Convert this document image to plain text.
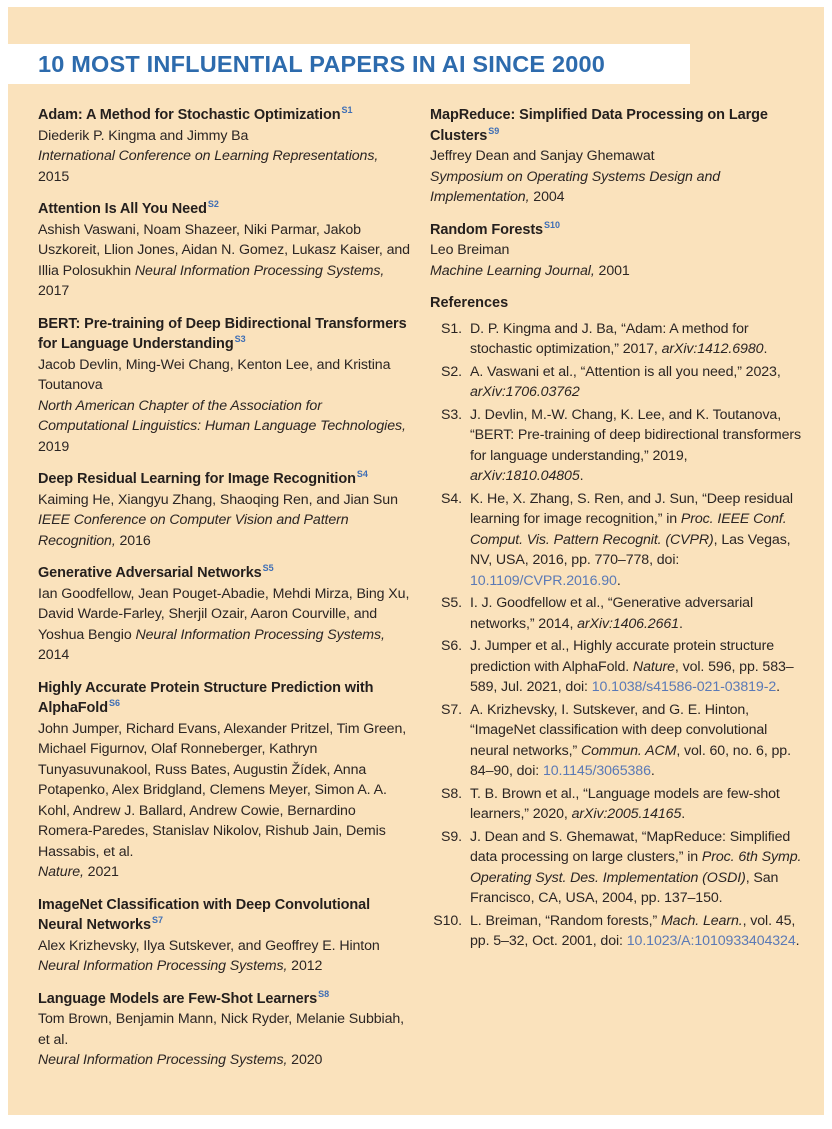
10 MOST INFLUENTIAL PAPERS IN AI SINCE 2000
Adam: A Method for Stochastic Optimization$^{S1}$

Diederik P. Kingma and Jimmy Ba

International Conference on Learning Representations, 2015

Attention Is All You Need$^{S2}$

Ashish Vaswani, Noam Shazeer, Niki Parmar, Jakob Uszkoreit, Llion Jones, Aidan N. Gomez, Lukasz Kaiser, and Illia Polosukhin Neural Information Processing Systems, 2017

BERT: Pre-training of Deep Bidirectional Transformers for Language Understanding$^{S3}$

Jacob Devlin, Ming-Wei Chang, Kenton Lee, and Kristina Toutanova

North American Chapter of the Association for Computational Linguistics: Human Language Technologies, 2019

Deep Residual Learning for Image Recognition$^{S4}$

Kaiming He, Xiangyu Zhang, Shaoqing Ren, and Jian Sun

IEEE Conference on Computer Vision and Pattern Recognition, 2016

Generative Adversarial Networks$^{S5}$

Ian Goodfellow, Jean Pouget-Abadie, Mehdi Mirza, Bing Xu, David Warde-Farley, Sherjil Ozair, Aaron Courville, and Yoshua Bengio Neural Information Processing Systems, 2014

Highly Accurate Protein Structure Prediction with AlphaFold$^{S6}$

John Jumper, Richard Evans, Alexander Pritzel, Tim Green, Michael Figurnov, Olaf Ronneberger, Kathryn Tunyasuvunakool, Russ Bates, Augustin Žídek, Anna Potapenko, Alex Bridgland, Clemens Meyer, Simon A. A. Kohl, Andrew J. Ballard, Andrew Cowie, Bernardino Romera-Paredes, Stanislav Nikolov, Rishub Jain, Demis Hassabis, et al.

Nature, 2021

ImageNet Classification with Deep Convolutional Neural Networks$^{S7}$

Alex Krizhevsky, Ilya Sutskever, and Geoffrey E. Hinton

Neural Information Processing Systems, 2012

Language Models are Few-Shot Learners$^{S8}$

Tom Brown, Benjamin Mann, Nick Ryder, Melanie Subbiah, et al.

Neural Information Processing Systems, 2020

MapReduce: Simplified Data Processing on Large Clusters$^{S9}$

Jeffrey Dean and Sanjay Ghemawat

Symposium on Operating Systems Design and Implementation, 2004

Random Forests$^{S10}$

Leo Breiman

Machine Learning Journal, 2001

References
S1. D. P. Kingma and J. Ba, “Adam: A method for stochastic optimization,” 2017, arXiv:1412.6980.
S2. A. Vaswani et al., “Attention is all you need,” 2023, arXiv:1706.03762
S3. J. Devlin, M.-W. Chang, K. Lee, and K. Toutanova, “BERT: Pre-training of deep bidirectional transformers for language understanding,” 2019, arXiv:1810.04805.
S4. K. He, X. Zhang, S. Ren, and J. Sun, “Deep residual learning for image recognition,” in Proc. IEEE Conf. Comput. Vis. Pattern Recognit. (CVPR), Las Vegas, NV, USA, 2016, pp. 770–778, doi: 10.1109/CVPR.2016.90.
S5. I. J. Goodfellow et al., “Generative adversarial networks,” 2014, arXiv:1406.2661.
S6. J. Jumper et al., Highly accurate protein structure prediction with AlphaFold. Nature, vol. 596, pp. 583–589, Jul. 2021, doi: 10.1038/s41586-021-03819-2.
S7. A. Krizhevsky, I. Sutskever, and G. E. Hinton, “ImageNet classification with deep convolutional neural networks,” Commun. ACM, vol. 60, no. 6, pp. 84–90, doi: 10.1145/3065386.
S8. T. B. Brown et al., “Language models are few-shot learners,” 2020, arXiv:2005.14165.
S9. J. Dean and S. Ghemawat, “MapReduce: Simplified data processing on large clusters,” in Proc. 6th Symp. Operating Syst. Des. Implementation (OSDI), San Francisco, CA, USA, 2004, pp. 137–150.
S10. L. Breiman, “Random forests,” Mach. Learn., vol. 45, pp. 5–32, Oct. 2001, doi: 10.1023/A:1010933404324.
